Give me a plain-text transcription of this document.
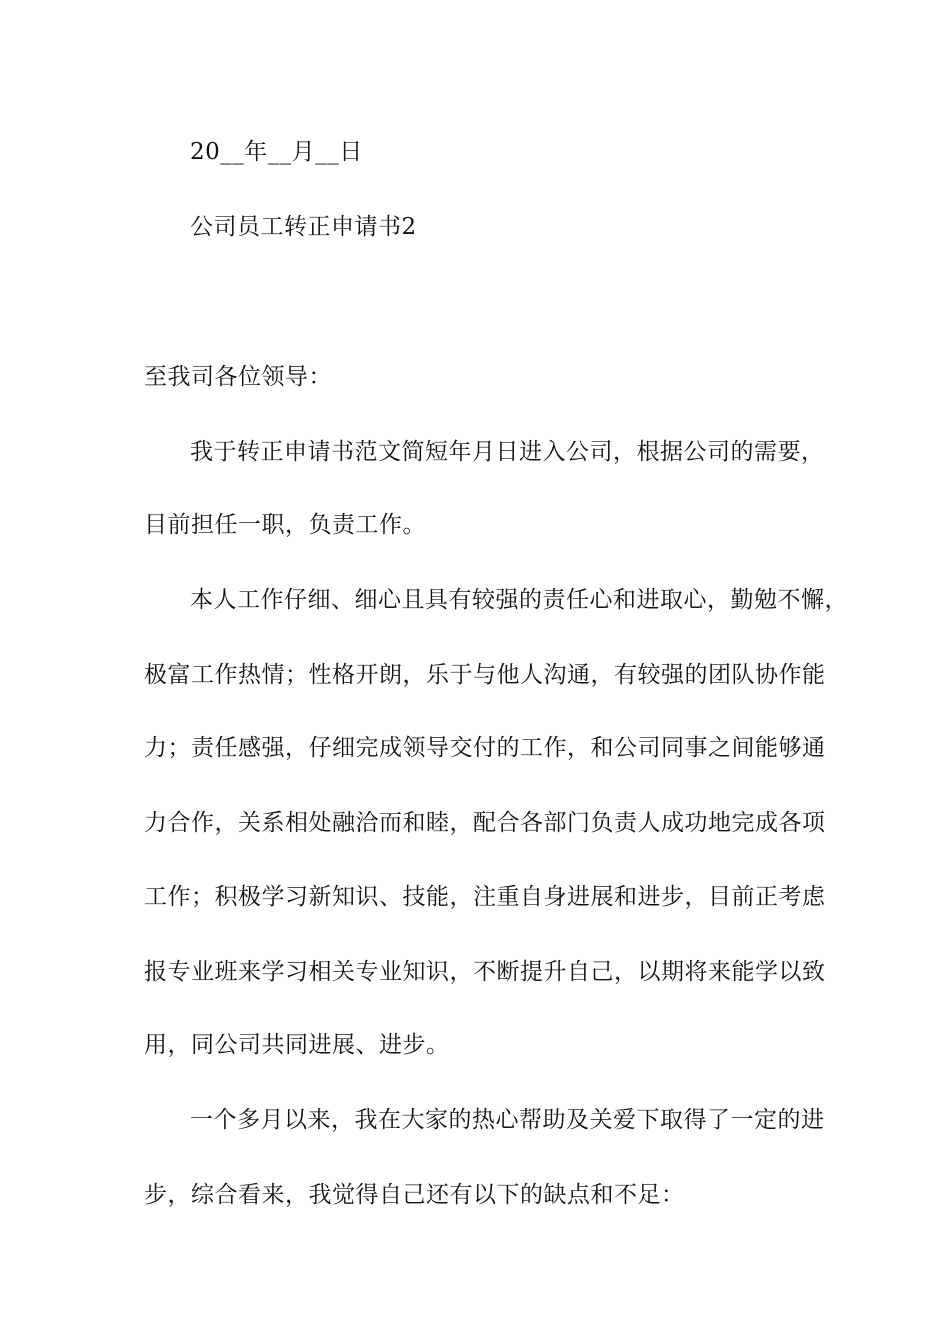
20__年__月__日
公司员工转正申请书2
至我司各位领导：
我于转正申请书范文简短年月日进入公司，根据公司的需要，
目前担任一职，负责工作。
本人工作仔细、细心且具有较强的责任心和进取心，勤勉不懈，
极富工作热情；性格开朗，乐于与他人沟通，有较强的团队协作能
力；责任感强，仔细完成领导交付的工作，和公司同事之间能够通
力合作，关系相处融洽而和睦，配合各部门负责人成功地完成各项
工作；积极学习新知识、技能，注重自身进展和进步，目前正考虑
报专业班来学习相关专业知识，不断提升自己，以期将来能学以致
用，同公司共同进展、进步。
一个多月以来，我在大家的热心帮助及关爱下取得了一定的进
步，综合看来，我觉得自己还有以下的缺点和不足：
